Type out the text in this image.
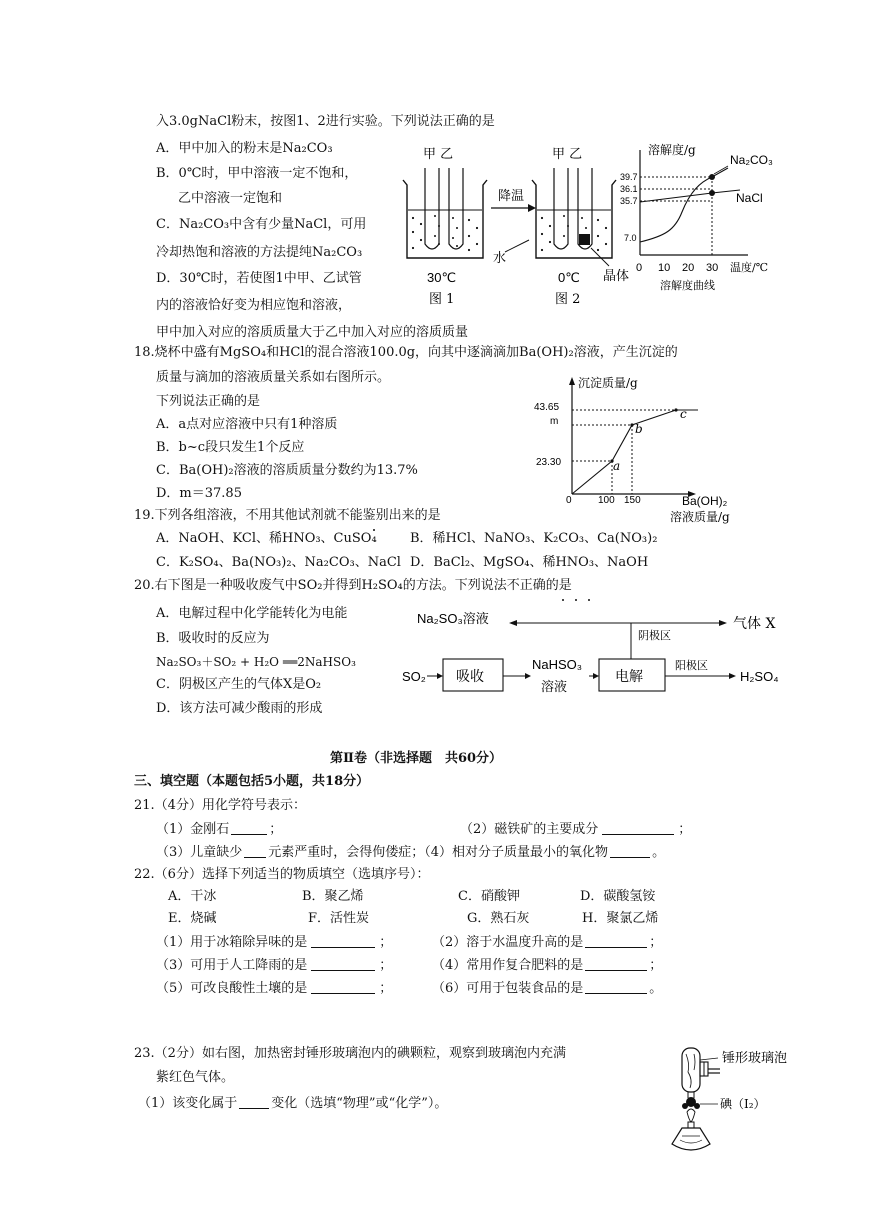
入3.0gNaCl粉末，按图1、2进行实验。下列说法正确的是
A．甲中加入的粉末是Na₂CO₃
B．0℃时，甲中溶液一定不饱和，
乙中溶液一定饱和
C．Na₂CO₃中含有少量NaCl，可用
冷却热饱和溶液的方法提纯Na₂CO₃
D．30℃时，若使图1中甲、乙试管
内的溶液恰好变为相应饱和溶液，
甲中加入对应的溶质质量大于乙中加入对应的溶质质量
甲 乙	甲 乙
降温
水
晶体
30℃	0℃
图 1	图 2
溶解度/g
39.7
36.1
35.7
7.0
Na₂CO₃
NaCl
0 10 20 30 温度/℃
溶解度曲线
18.烧杯中盛有MgSO₄和HCl的混合溶液100.0g，向其中逐滴滴加Ba(OH)₂溶液，产生沉淀的
质量与滴加的溶液质量关系如右图所示。
下列说法正确的是
A．a点对应溶液中只有1种溶质
B．b~c段只发生1个反应
C．Ba(OH)₂溶液的溶质质量分数约为13.7%
D．m＝37.85
沉淀质量/g
43.65
m
23.30	a
b
c
0	100 150	Ba(OH)₂
溶液质量/g
19.下列各组溶液，不用其他试剂就不能鉴别出来的是
A．NaOH、KCl、稀HNO₃、CuSO₄	B．稀HCl、NaNO₃、K₂CO₃、Ca(NO₃)₂
C．K₂SO₄、Ba(NO₃)₂、Na₂CO₃、NaCl D．BaCl₂、MgSO₄、稀HNO₃、NaOH
20.右下图是一种吸收废气中SO₂并得到H₂SO₄的方法。下列说法不正确的是
A．电解过程中化学能转化为电能
B．吸收时的反应为
Na₂SO₃＋SO₂ + H₂O ══2NaHSO₃
C．阴极区产生的气体X是O₂
D．该方法可减少酸雨的形成
Na₂SO₃溶液	气体 X
阴极区
SO₂ 吸收
NaHSO₃
溶液
电解
阳极区
H₂SO₄
第Ⅱ卷（非选择题　共60分）
三、填空题（本题包括5小题，共18分）
21.（4分）用化学符号表示：
（1）金刚石	；	（2）磁铁矿的主要成分	；
（3）儿童缺少 元素严重时，会得佝偻症；（4）相对分子质量最小的氧化物	。
22.（6分）选择下列适当的物质填空（选填序号）：
A．干冰	B．聚乙烯	C．硝酸钾	D．碳酸氢铵
E．烧碱	F．活性炭	G．熟石灰	H．聚氯乙烯
（1）用于冰箱除异味的是	；	（2）溶于水温度升高的是	；
（3）可用于人工降雨的是	；	（4）常用作复合肥料的是	；
（5）可改良酸性土壤的是	；	（6）可用于包装食品的是	。
23.（2分）如右图，加热密封锤形玻璃泡内的碘颗粒，观察到玻璃泡内充满
紫红色气体。
（1）该变化属于	变化（选填“物理”或“化学”）。
锤形玻璃泡
碘（I₂）
